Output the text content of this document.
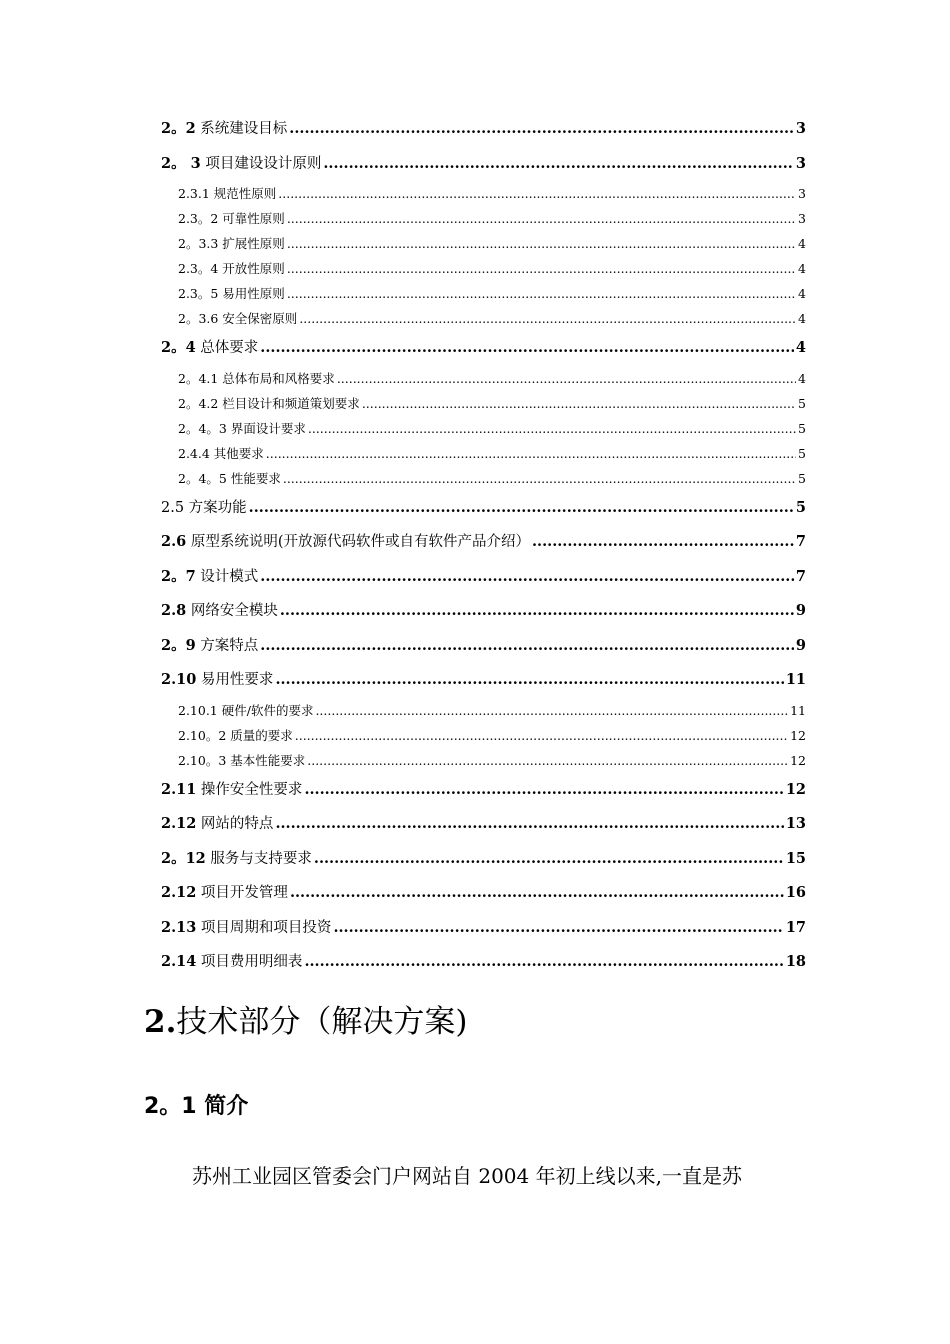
2。2 系统建设目标 .....	3
2。 3 项目建设设计原则 .....	3
2.3.1 规范性原则 .....	3
2.3。2 可靠性原则 .....	3
2。3.3 扩展性原则 .....	4
2.3。4 开放性原则 .....	4
2.3。5 易用性原则 .....	4
2。3.6 安全保密原则 .....	4
2。4 总体要求 .....	4
2。4.1 总体布局和风格要求 .....	4
2。4.2 栏目设计和频道策划要求 .....	5
2。4。3 界面设计要求 .....	5
2.4.4 其他要求 .....	5
2。4。5 性能要求 .....	5
2.5 方案功能 .....	5
2.6 原型系统说明(开放源代码软件或自有软件产品介绍） .....	7
2。7 设计模式 .....	7
2.8 网络安全模块 .....	9
2。9 方案特点 .....	9
2.10 易用性要求 .....	11
2.10.1 硬件/软件的要求 .....	11
2.10。2 质量的要求 .....	12
2.10。3 基本性能要求 .....	12
2.11 操作安全性要求 .....	12
2.12 网站的特点 .....	13
2。12 服务与支持要求 .....	15
2.12 项目开发管理 .....	16
2.13 项目周期和项目投资 .....	17
2.14 项目费用明细表 .....	18
2.技术部分（解决方案)
2。1 简介

苏州工业园区管委会门户网站自 2004 年初上线以来,一直是苏
